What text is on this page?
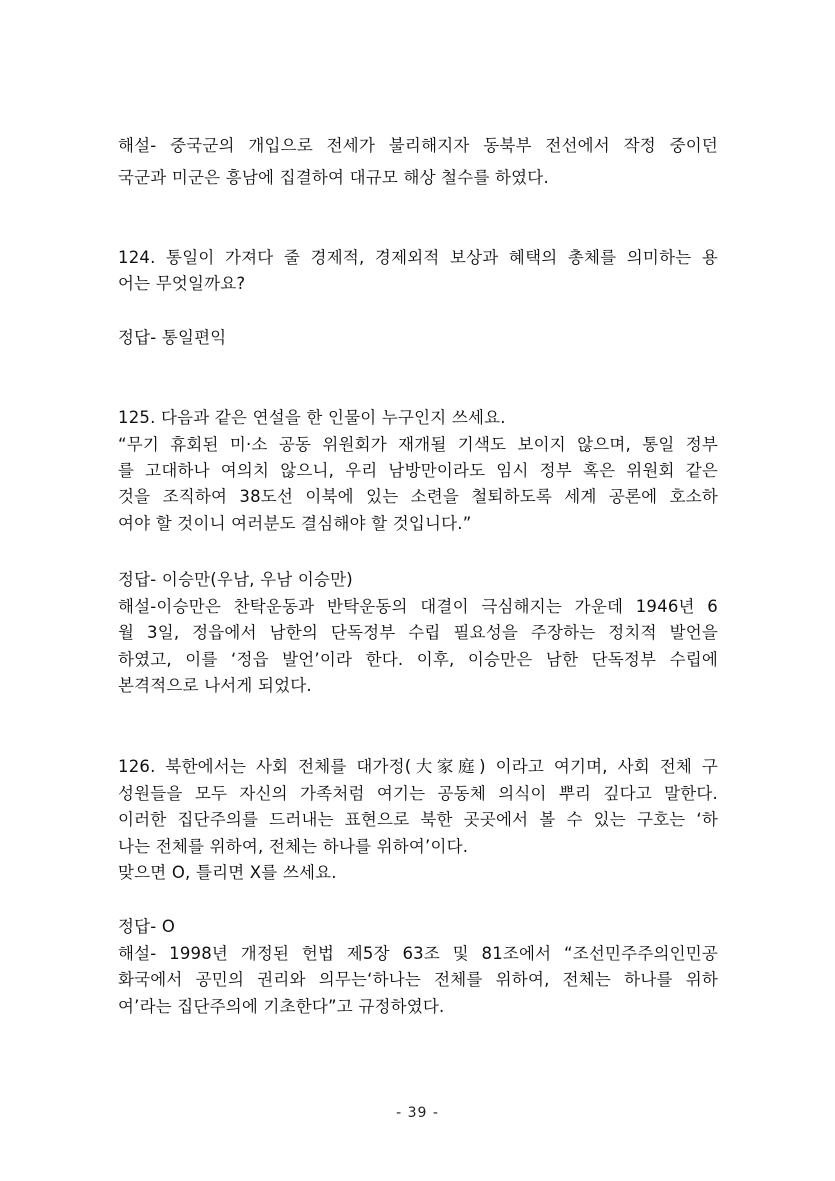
해설- 중국군의 개입으로 전세가 불리해지자 동북부 전선에서 작정 중이던
국군과 미군은 흥남에 집결하여 대규모 해상 철수를 하였다.
124. 통일이 가져다 줄 경제적, 경제외적 보상과 혜택의 총체를 의미하는 용
어는 무엇일까요?
정답- 통일편익
125. 다음과 같은 연설을 한 인물이 누구인지 쓰세요.
“무기 휴회된 미·소 공동 위원회가 재개될 기색도 보이지 않으며, 통일 정부
를 고대하나 여의치 않으니, 우리 남방만이라도 임시 정부 혹은 위원회 같은
것을 조직하여 38도선 이북에 있는 소련을 철퇴하도록 세계 공론에 호소하
여야 할 것이니 여러분도 결심해야 할 것입니다.”
정답- 이승만(우남, 우남 이승만)
해설-이승만은 찬탁운동과 반탁운동의 대결이 극심해지는 가운데 1946년 6
월 3일, 정읍에서 남한의 단독정부 수립 필요성을 주장하는 정치적 발언을
하였고, 이를 ‘정읍 발언’이라 한다. 이후, 이승만은 남한 단독정부 수립에
본격적으로 나서게 되었다.
126. 북한에서는 사회 전체를 대가정(大家庭) 이라고 여기며, 사회 전체 구
성원들을 모두 자신의 가족처럼 여기는 공동체 의식이 뿌리 깊다고 말한다.
이러한 집단주의를 드러내는 표현으로 북한 곳곳에서 볼 수 있는 구호는 ‘하
나는 전체를 위하여, 전체는 하나를 위하여’이다.
맞으면 O, 틀리면 X를 쓰세요.
정답- O
해설- 1998년 개정된 헌법 제5장 63조 및 81조에서 “조선민주주의인민공
화국에서 공민의 권리와 의무는‘하나는 전체를 위하여, 전체는 하나를 위하
여’라는 집단주의에 기초한다”고 규정하였다.
- 39 -
